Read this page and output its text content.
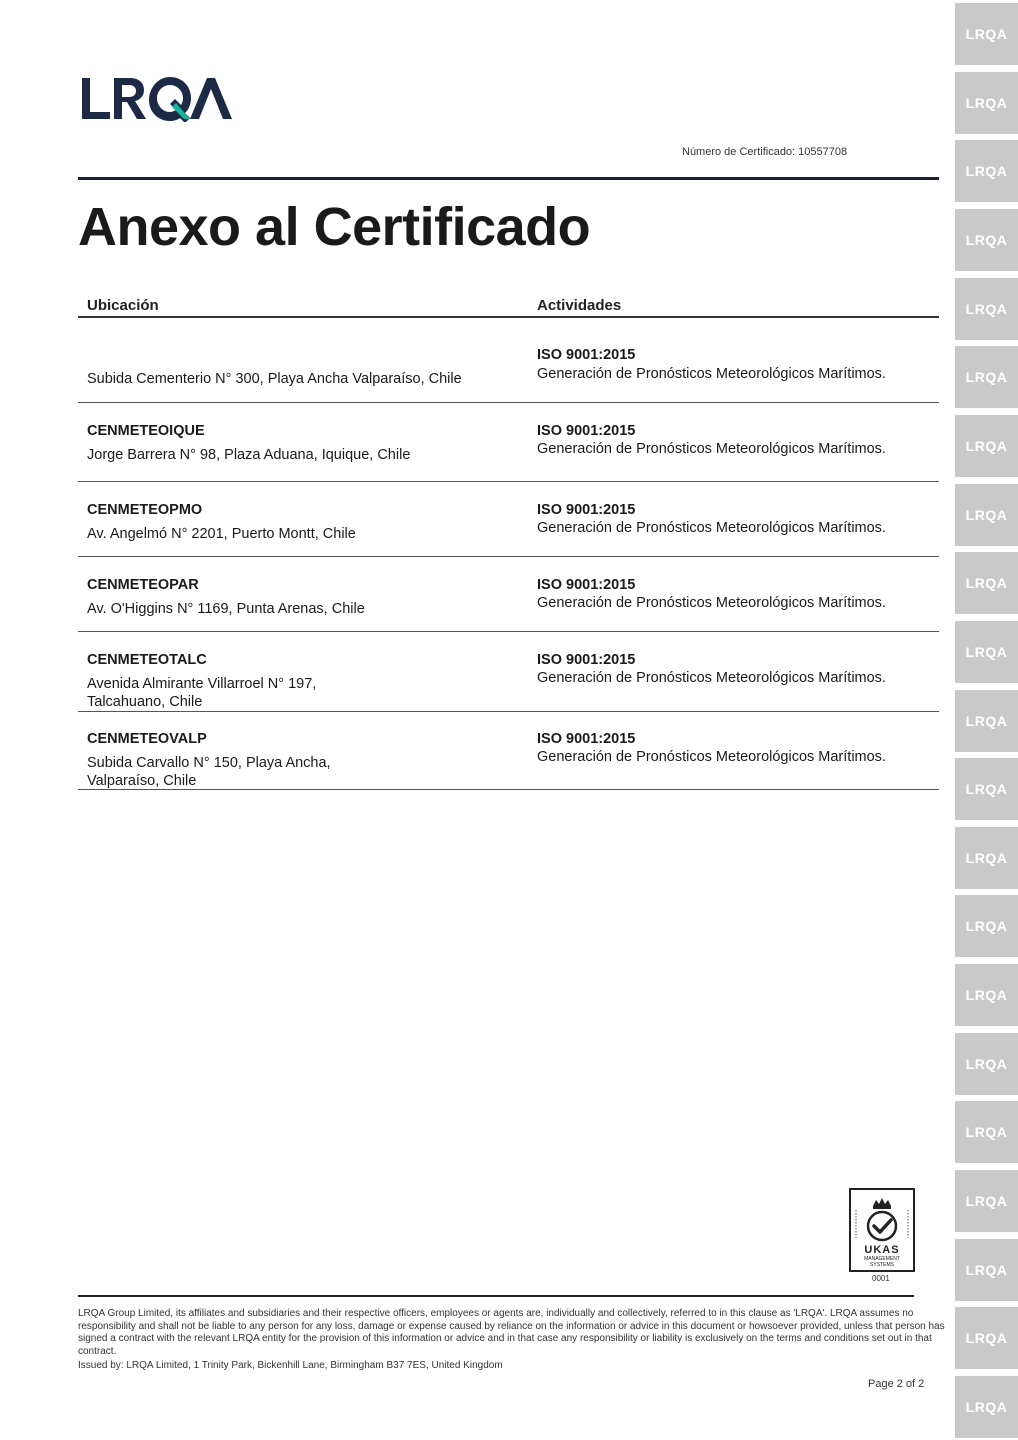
LRQA
LRQA
LRQA
LRQA
LRQA
LRQA
LRQA
LRQA
LRQA
LRQA
LRQA
LRQA
LRQA
LRQA
LRQA
LRQA
LRQA
LRQA
LRQA
LRQA
LRQA
Número de Certificado: 10557708
Anexo al Certificado
Ubicación	Actividades
ISO 9001:2015
Generación de Pronósticos Meteorológicos Marítimos.
Subida Cementerio N° 300, Playa Ancha Valparaíso, Chile
CENMETEOIQUE
Jorge Barrera N° 98, Plaza Aduana, Iquique, Chile
ISO 9001:2015
Generación de Pronósticos Meteorológicos Marítimos.
CENMETEOPMO
Av. Angelmó N° 2201, Puerto Montt, Chile
ISO 9001:2015
Generación de Pronósticos Meteorológicos Marítimos.
CENMETEOPAR
Av. O'Higgins N° 1169, Punta Arenas, Chile
ISO 9001:2015
Generación de Pronósticos Meteorológicos Marítimos.
CENMETEOTALC
Avenida Almirante Villarroel N° 197, Talcahuano, Chile
ISO 9001:2015
Generación de Pronósticos Meteorológicos Marítimos.
CENMETEOVALP
Subida Carvallo N° 150, Playa Ancha, Valparaíso, Chile
ISO 9001:2015
Generación de Pronósticos Meteorológicos Marítimos.
UKAS
MANAGEMENT
SYSTEMS
0001
LRQA Group Limited, its affiliates and subsidiaries and their respective officers, employees or agents are, individually and collectively, referred to in this clause as 'LRQA'. LRQA assumes no responsibility and shall not be liable to any person for any loss, damage or expense caused by reliance on the information or advice in this document or howsoever provided, unless that person has signed a contract with the relevant LRQA entity for the provision of this information or advice and in that case any responsibility or liability is exclusively on the terms and conditions set out in that contract.
Issued by: LRQA Limited, 1 Trinity Park, Bickenhill Lane, Birmingham B37 7ES, United Kingdom
Page 2 of 2
